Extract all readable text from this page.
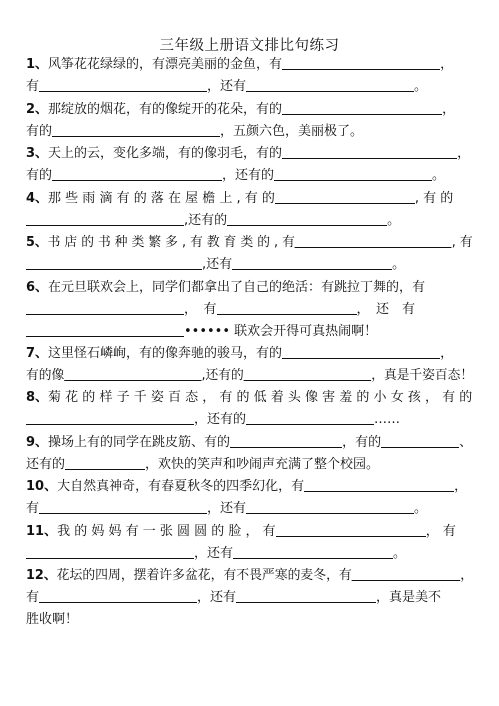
三年级上册语文排比句练习
1、风筝花花绿绿的，有漂亮美丽的金鱼，有	，
有	，还有	。
2、那绽放的烟花，有的像绽开的花朵，有的	，
有的	，五颜六色，美丽极了。
3、天上的云，变化多端，有的像羽毛，有的	，
有的	，还有的	。
4、那 些 雨 滴 有 的 落 在 屋 檐 上 , 有 的	, 有 的
,还有的	。
5、书 店 的 书 种 类 繁 多 , 有 教 育 类 的 , 有	, 有
,还有	。
6、在元旦联欢会上，同学们都拿出了自己的绝活：有跳拉丁舞的，有
，　有	，　还　有
•••••• 联欢会开得可真热闹啊！
7、这里怪石嶙峋，有的像奔驰的骏马，有的	，
有的像	,还有的	，真是千姿百态！
8、菊 花 的 样 子 千 姿 百 态 ， 有 的 低 着 头 像 害 羞 的 小 女 孩 ， 有 的
，还有的	……
9、操场上有的同学在跳皮筋、有的	，有的	、
还有的	，欢快的笑声和吵闹声充满了整个校园。
10、大自然真神奇，有春夏秋冬的四季幻化，有	，
有	，还有	。
11、我 的 妈 妈 有 一 张 圆 圆 的 脸 ， 有	， 有
，还有	。
12、花坛的四周，摆着许多盆花，有不畏严寒的麦冬，有	，
有	，还有	，真是美不
胜收啊！
